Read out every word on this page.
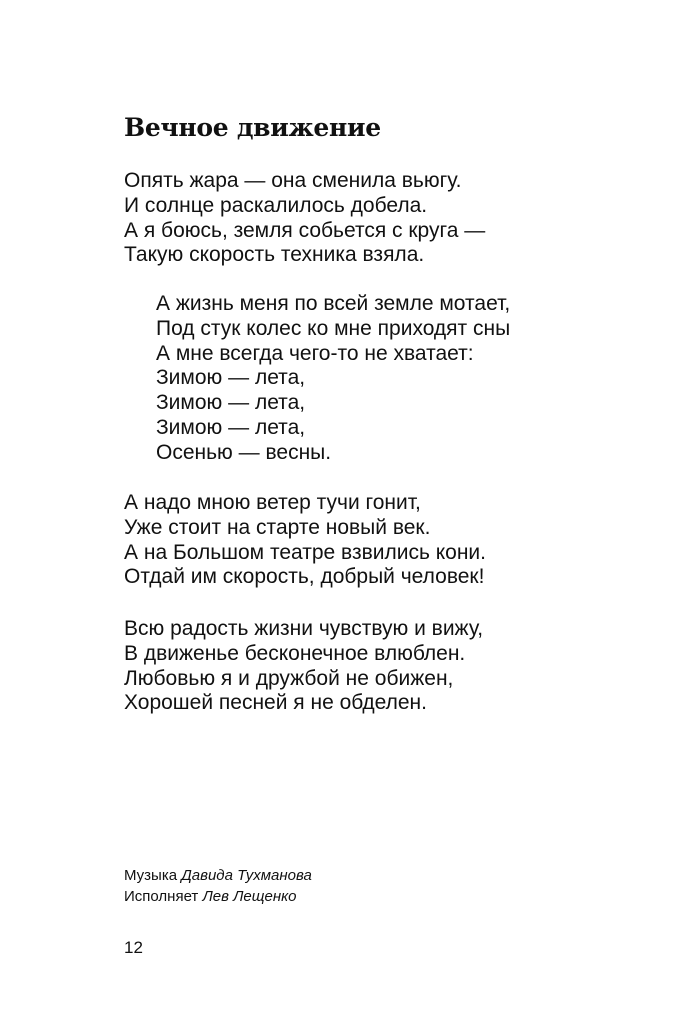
Вечное движение
Опять жара — она сменила вьюгу.
И солнце раскалилось добела.
А я боюсь, земля собьется с круга —
Такую скорость техника взяла.
А жизнь меня по всей земле мотает,
Под стук колес ко мне приходят сны
А мне всегда чего-то не хватает:
Зимою — лета,
Зимою — лета,
Зимою — лета,
Осенью — весны.
А надо мною ветер тучи гонит,
Уже стоит на старте новый век.
А на Большом театре взвились кони.
Отдай им скорость, добрый человек!
Всю радость жизни чувствую и вижу,
В движенье бесконечное влюблен.
Любовью я и дружбой не обижен,
Хорошей песней я не обделен.
Музыка Давида Тухманова
Исполняет Лев Лещенко
12
